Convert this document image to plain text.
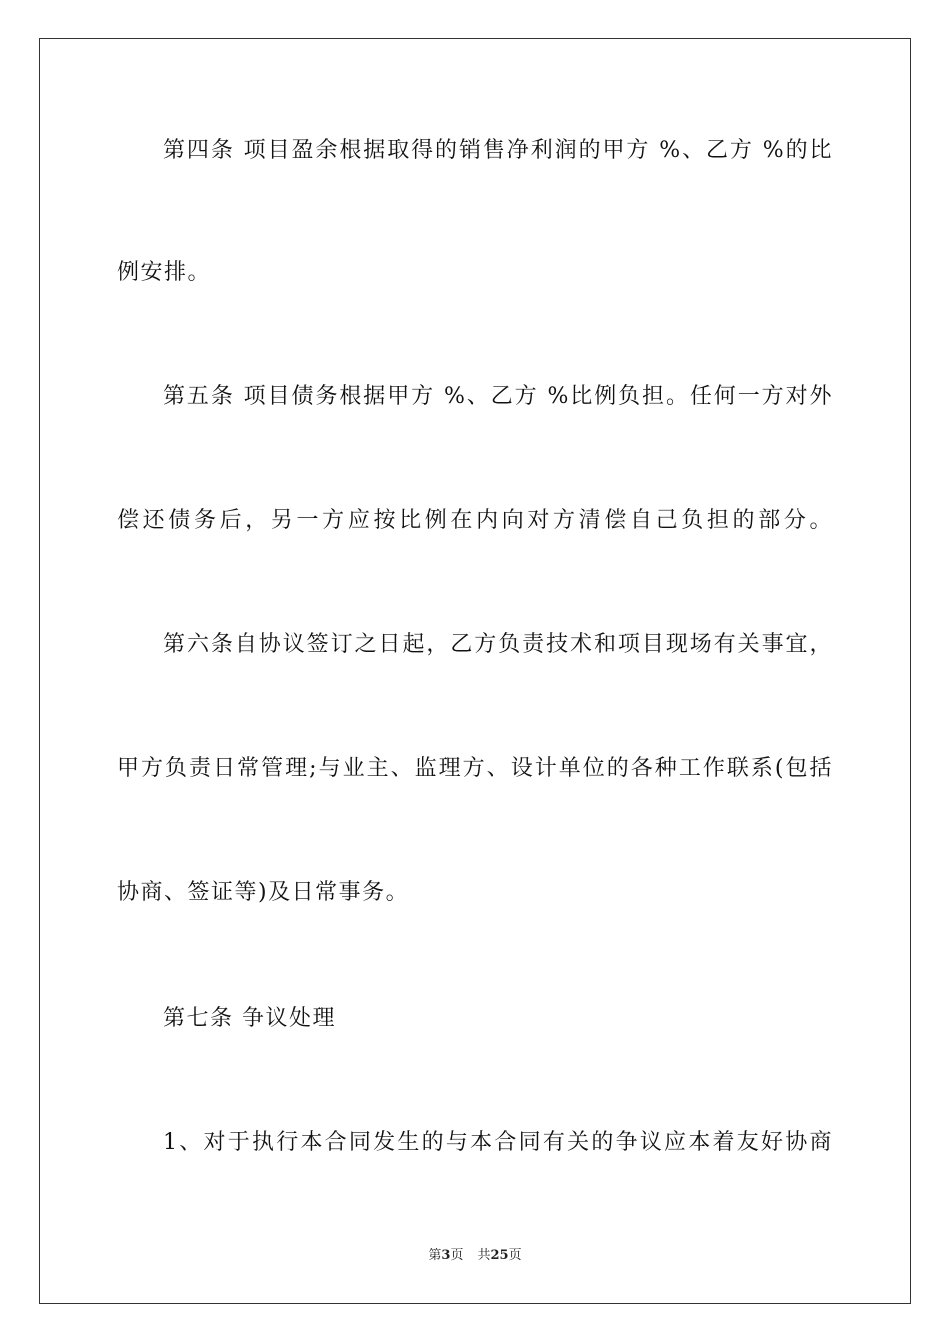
第四条 项目盈余根据取得的销售净利润的甲方 %、乙方 %的比
例安排。
第五条 项目债务根据甲方 %、乙方 %比例负担。任何一方对外
偿还债务后，另一方应按比例在内向对方清偿自己负担的部分。
第六条自协议签订之日起，乙方负责技术和项目现场有关事宜，
甲方负责日常管理;与业主、监理方、设计单位的各种工作联系(包括
协商、签证等)及日常事务。
第七条 争议处理
1、对于执行本合同发生的与本合同有关的争议应本着友好协商
第3页 共25页
